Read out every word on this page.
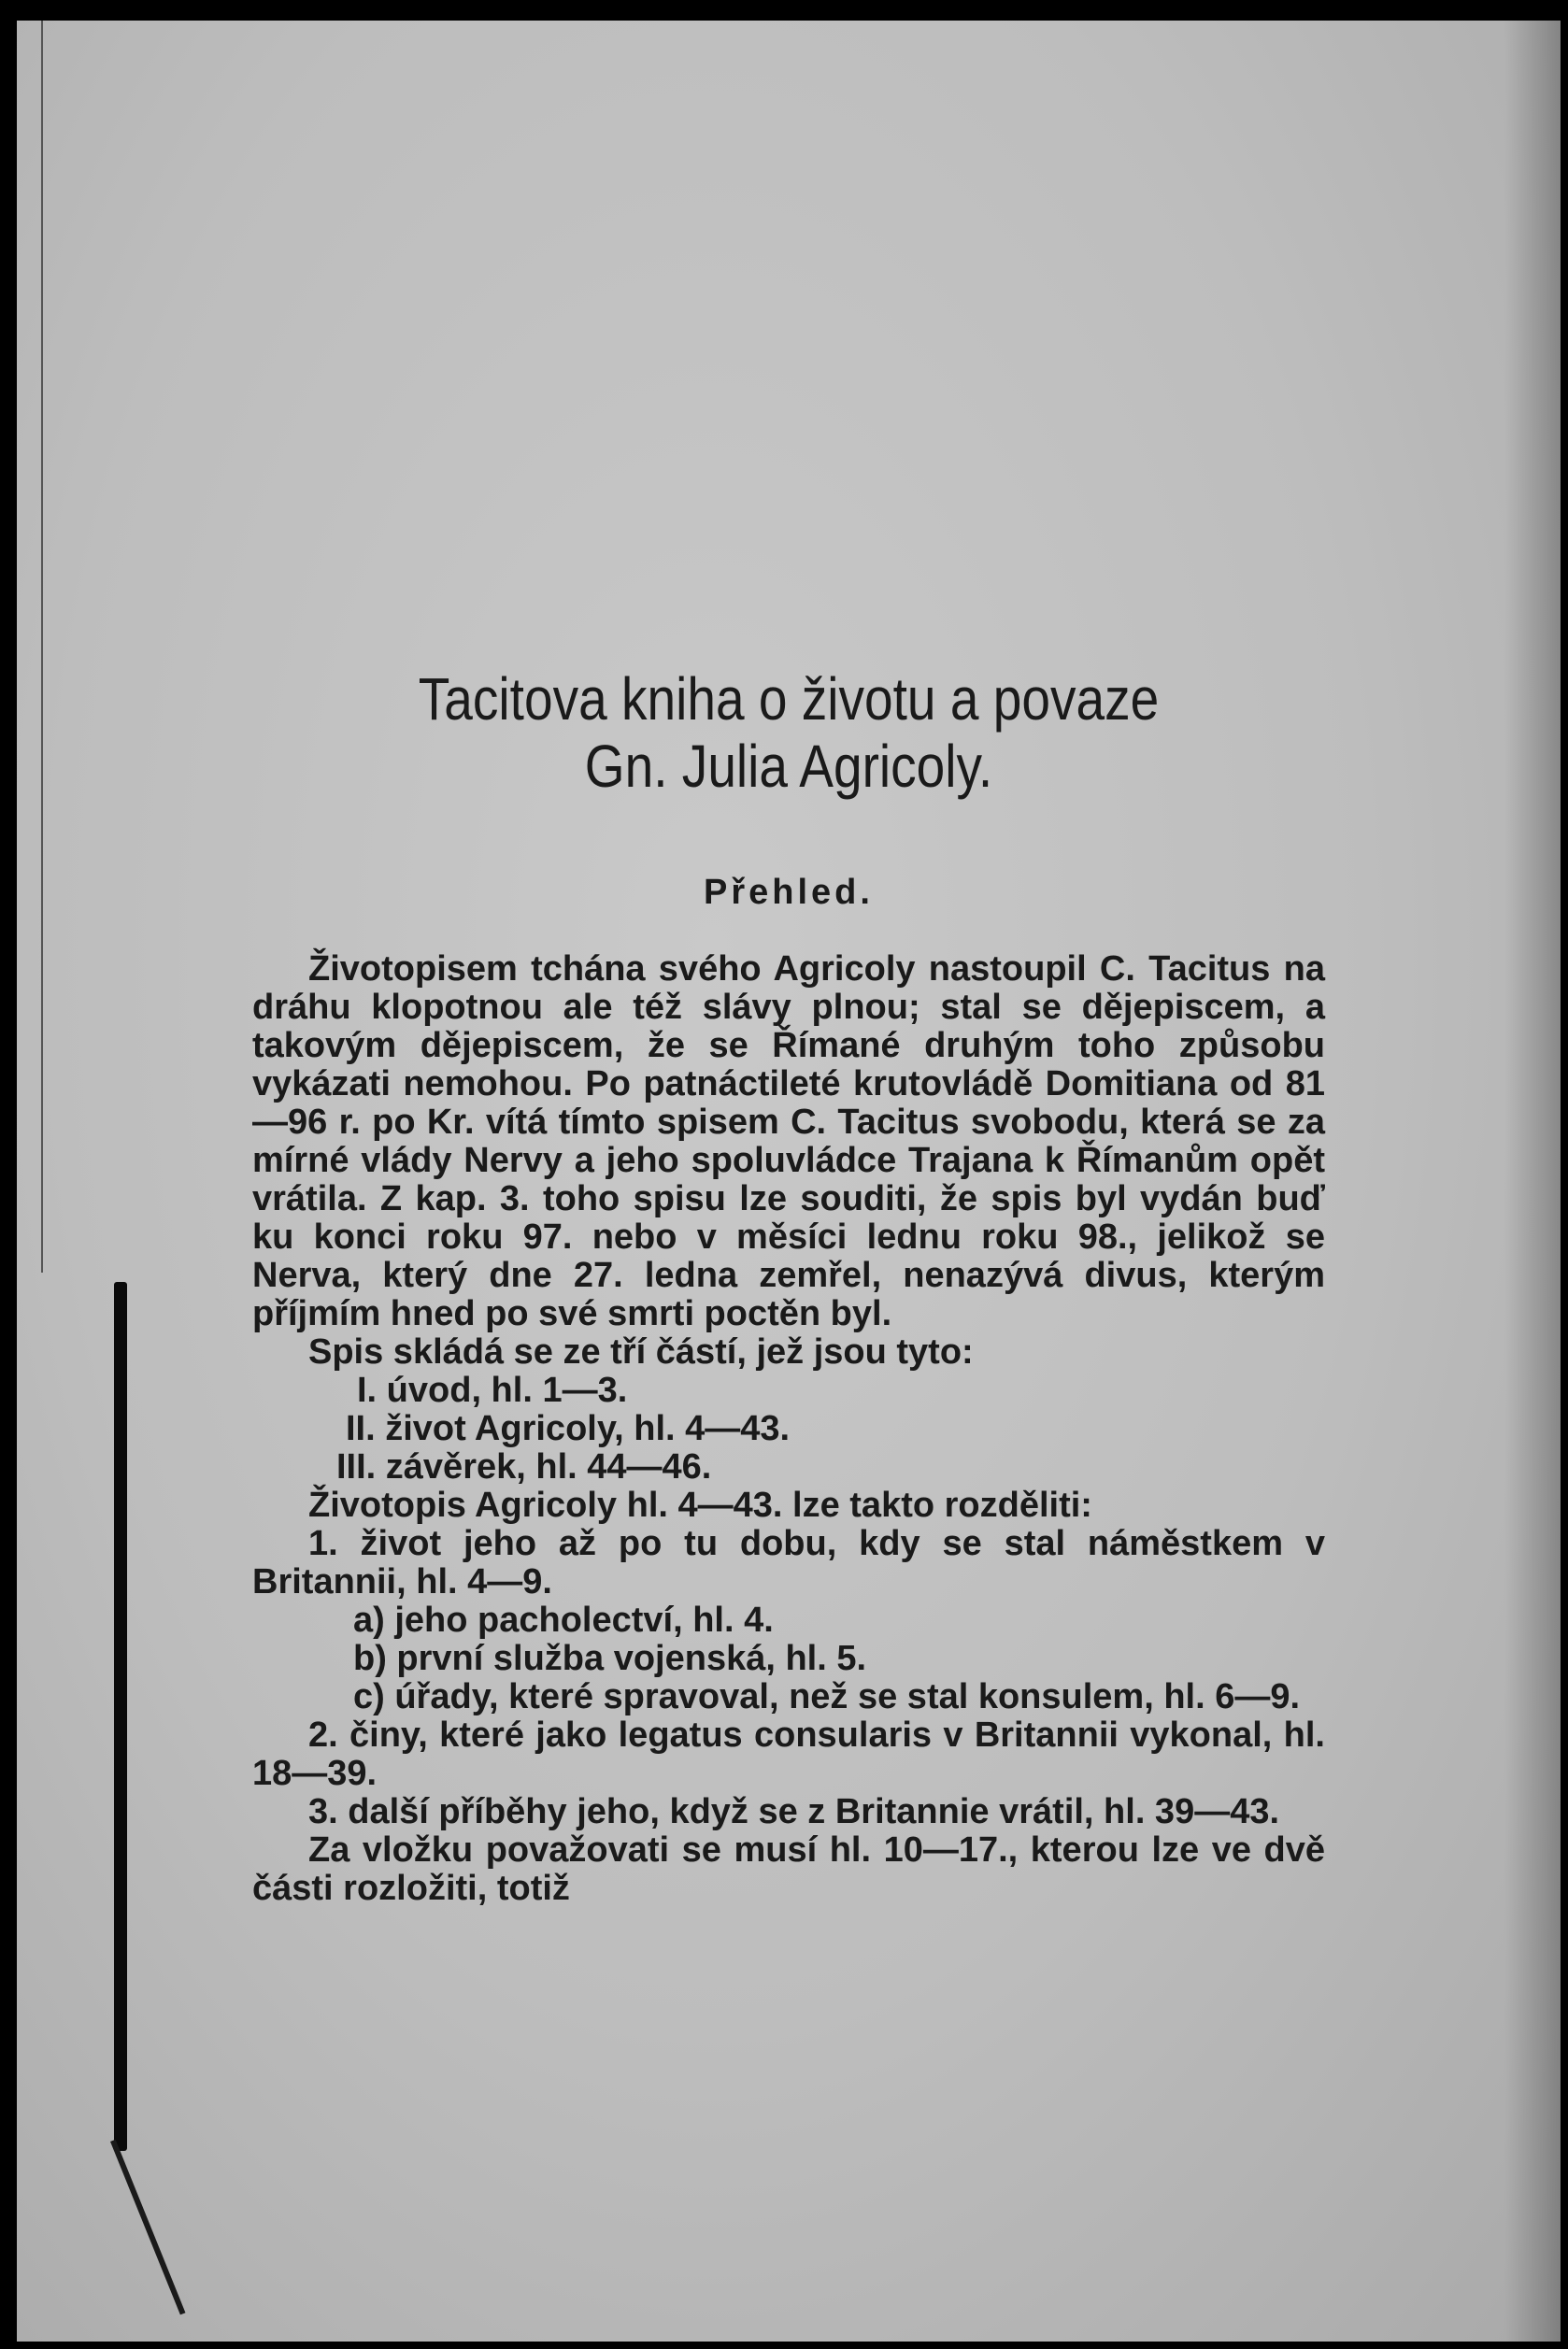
Tacitova kniha o životu a povaze
Gn. Julia Agricoly.
Přehled.

Životopisem tchána svého Agricoly nastoupil C. Tacitus na dráhu klopotnou ale též slávy plnou; stal se dějepiscem, a takovým dějepiscem, že se Římané druhým toho způsobu vykázati nemohou. Po patnáctileté krutovládě Domitiana od 81—96 r. po Kr. vítá tímto spisem C. Tacitus svobodu, která se za mírné vlády Nervy a jeho spoluvládce Trajana k Římanům opět vrátila. Z kap. 3. toho spisu lze souditi, že spis byl vydán buď ku konci roku 97. nebo v měsíci lednu roku 98., jelikož se Nerva, který dne 27. ledna zemřel, nenazývá divus, kterým příjmím hned po své smrti poctěn byl.

Spis skládá se ze tří částí, jež jsou tyto:

I. úvod, hl. 1—3.

II. život Agricoly, hl. 4—43.

III. závěrek, hl. 44—46.

Životopis Agricoly hl. 4—43. lze takto rozděliti:

1. život jeho až po tu dobu, kdy se stal náměstkem v Britannii, hl. 4—9.

a) jeho pacholectví, hl. 4.

b) první služba vojenská, hl. 5.

c) úřady, které spravoval, než se stal konsulem, hl. 6—9.

2. činy, které jako legatus consularis v Britannii vykonal, hl. 18—39.

3. další příběhy jeho, když se z Britannie vrátil, hl. 39—43.

Za vložku považovati se musí hl. 10—17., kterou lze ve dvě části rozložiti, totiž
